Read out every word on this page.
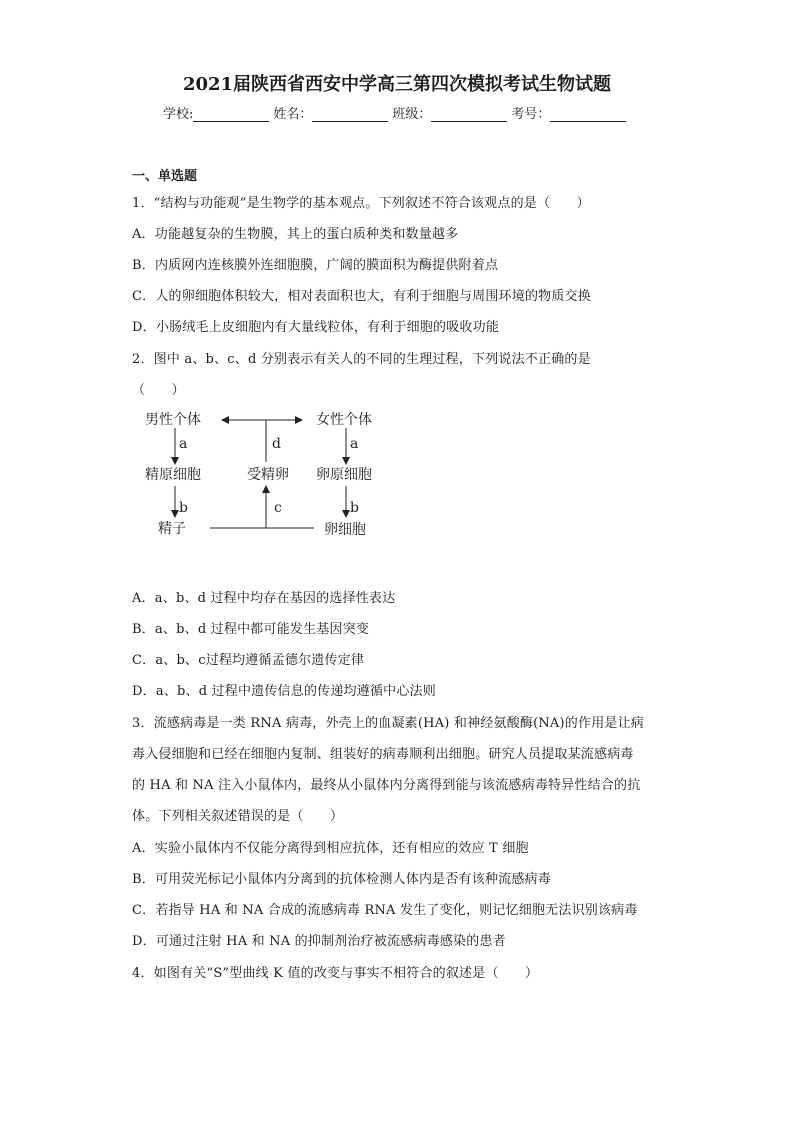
2021届陕西省西安中学高三第四次模拟考试生物试题
学校:	姓名：	班级：	考号：
一、单选题
1．“结构与功能观”是生物学的基本观点。下列叙述不符合该观点的是（　　）
A．功能越复杂的生物膜，其上的蛋白质种类和数量越多
B．内质网内连核膜外连细胞膜，广阔的膜面积为酶提供附着点
C．人的卵细胞体积较大，相对表面积也大，有利于细胞与周围环境的物质交换
D．小肠绒毛上皮细胞内有大量线粒体，有利于细胞的吸收功能
2．图中 a、b、c、d 分别表示有关人的不同的生理过程，下列说法不正确的是
（　　）
男性个体	女性个体
a	d	a
精原细胞	受精卵 卵原细胞
b	c	b
精子	卵细胞
A．a、b、d 过程中均存在基因的选择性表达
B．a、b、d 过程中都可能发生基因突变
C．a、b、c过程均遵循孟德尔遗传定律
D．a、b、d 过程中遗传信息的传递均遵循中心法则
3．流感病毒是一类 RNA 病毒，外壳上的血凝素(HA) 和神经氨酸酶(NA)的作用是让病
毒入侵细胞和已经在细胞内复制、组装好的病毒顺利出细胞。研究人员提取某流感病毒
的 HA 和 NA 注入小鼠体内，最终从小鼠体内分离得到能与该流感病毒特异性结合的抗
体。下列相关叙述错误的是（　　）
A．实验小鼠体内不仅能分离得到相应抗体，还有相应的效应 T 细胞
B．可用荧光标记小鼠体内分离到的抗体检测人体内是否有该种流感病毒
C．若指导 HA 和 NA 合成的流感病毒 RNA 发生了变化，则记忆细胞无法识别该病毒
D．可通过注射 HA 和 NA 的抑制剂治疗被流感病毒感染的患者
4．如图有关“S”型曲线 K 值的改变与事实不相符合的叙述是（　　）
